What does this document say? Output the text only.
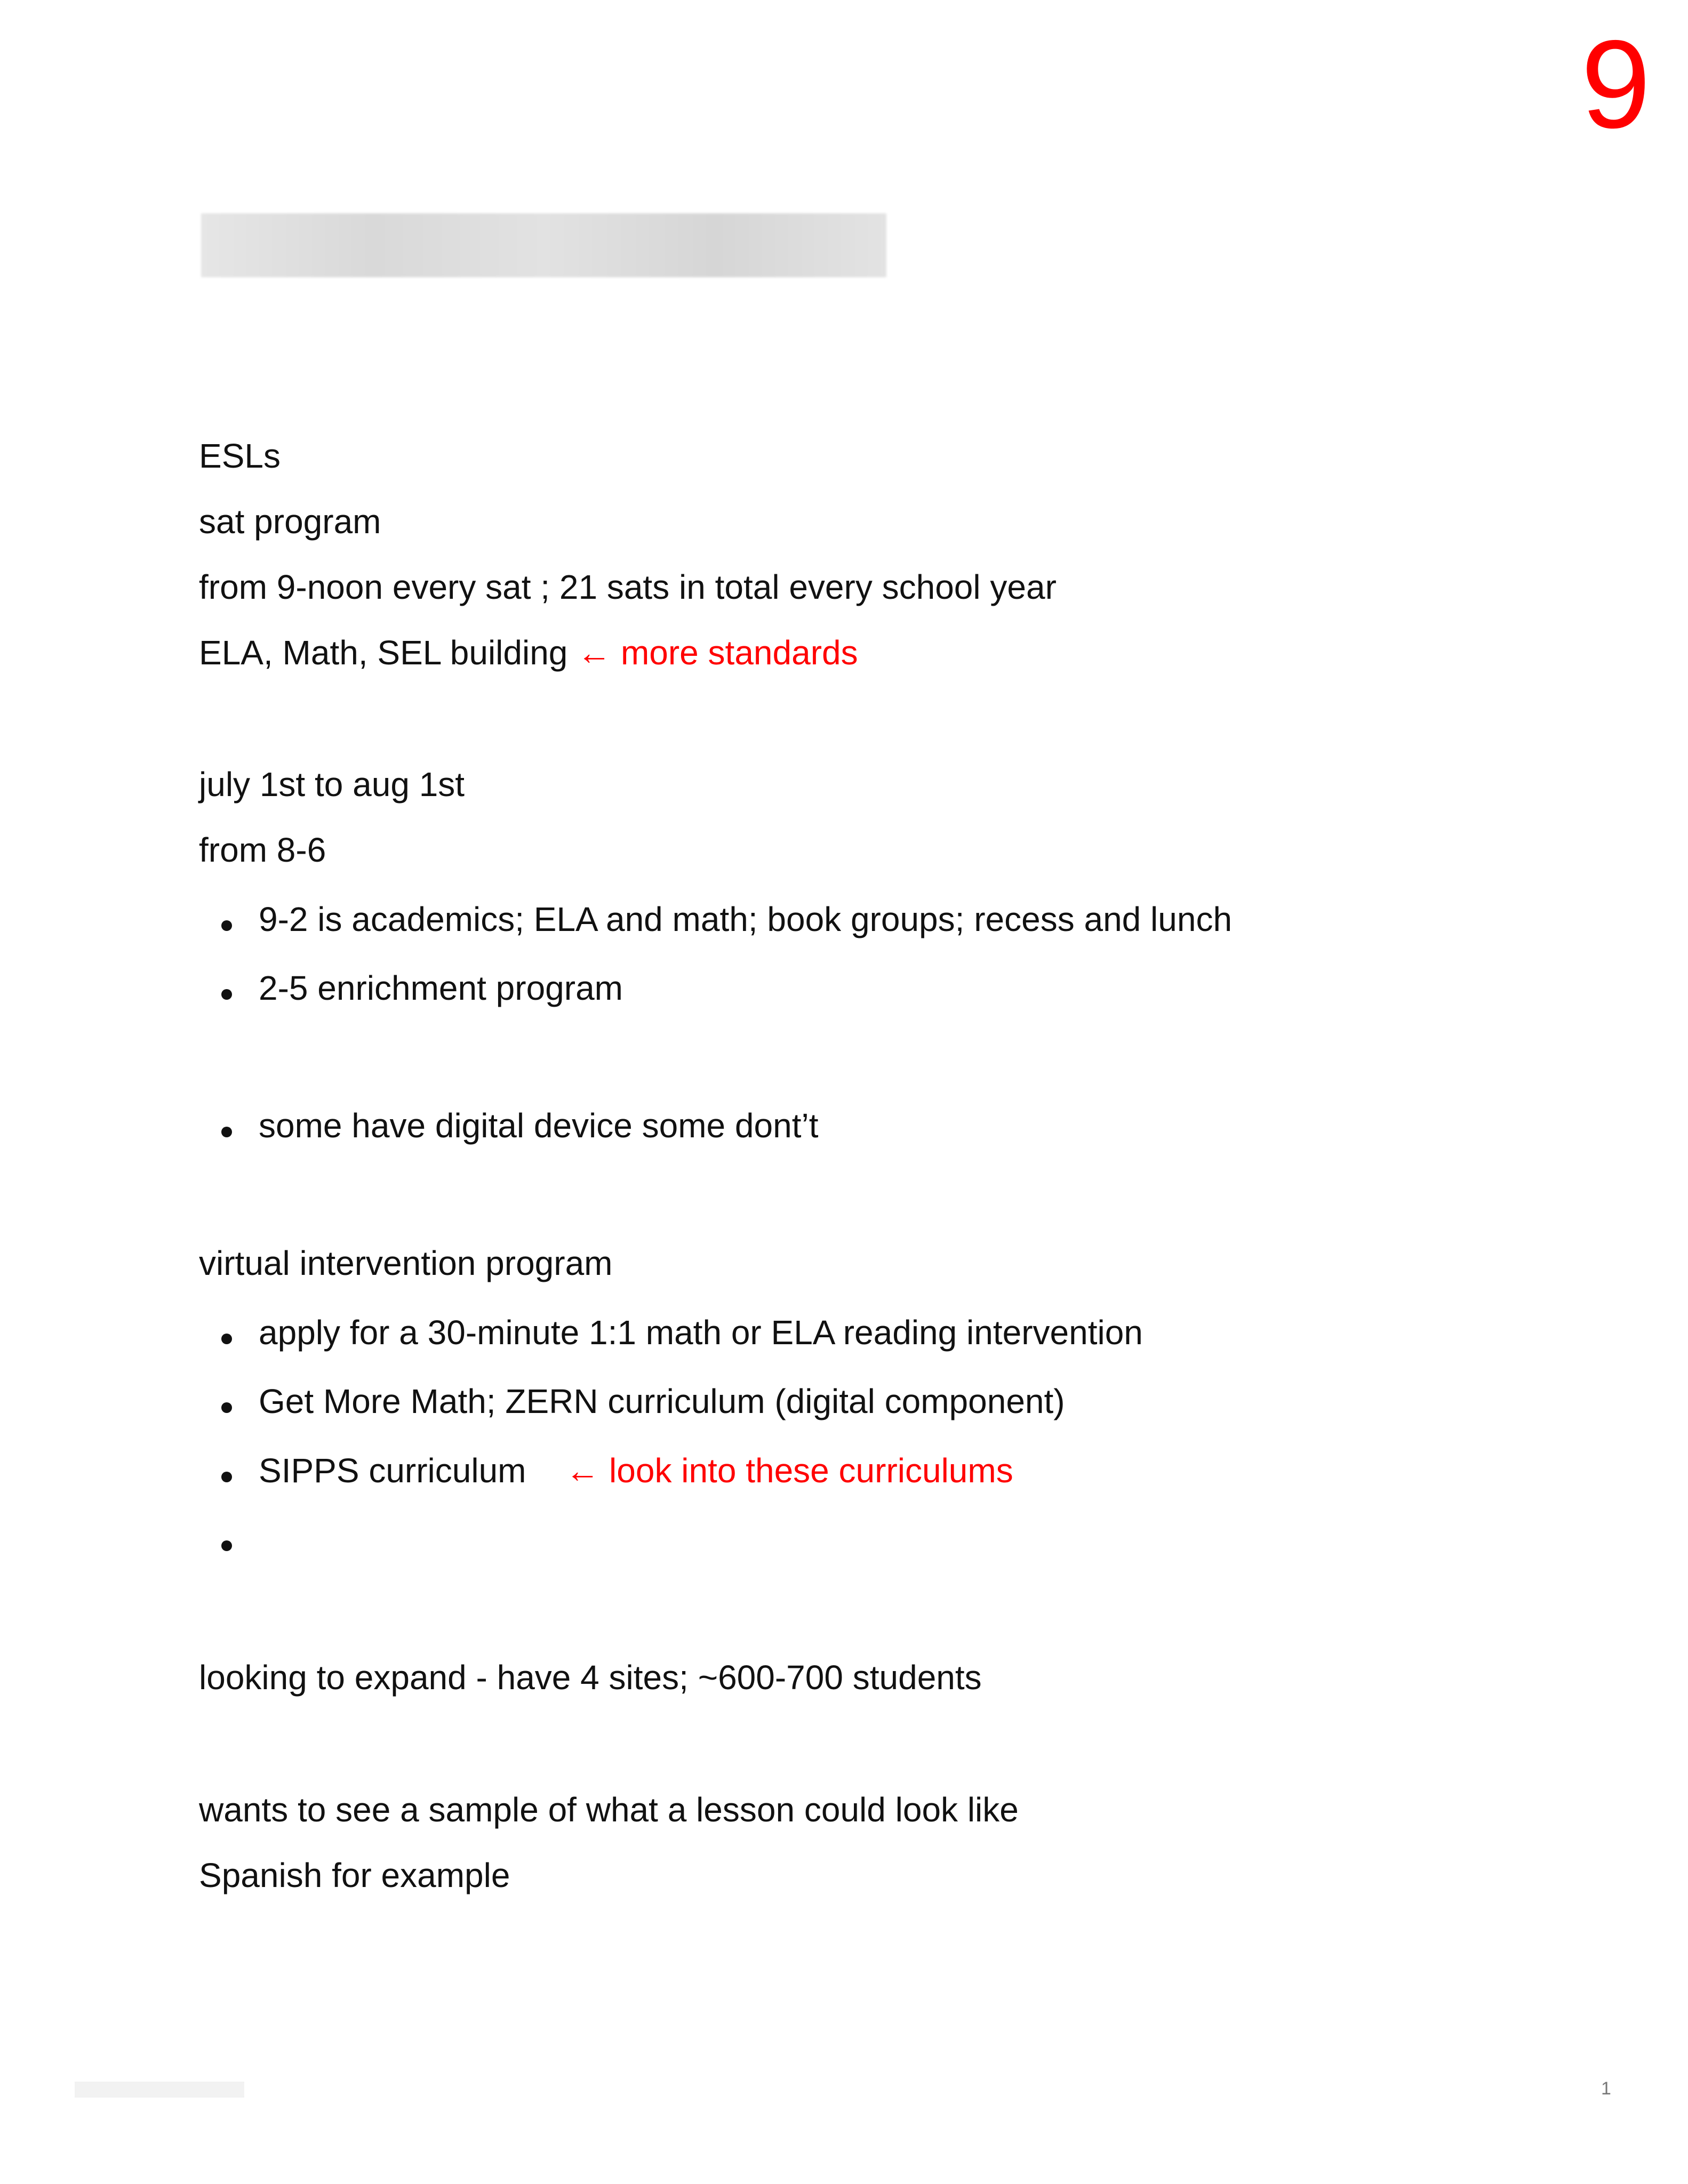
9
ESLs
sat program
from 9-noon every sat ; 21 sats in total every school year
ELA, Math, SEL building ← more standards
july 1st to aug 1st
from 8-6
9-2 is academics; ELA and math; book groups; recess and lunch
2-5 enrichment program
some have digital device some dont’t
virtual intervention program
apply for a 30-minute 1:1 math or ELA reading intervention
Get More Math; ZERN curriculum (digital component)
SIPPS curriculum ← look into these curriculums
looking to expand - have 4 sites; ~600-700 students
wants to see a sample of what a lesson could look like
Spanish for example
1
